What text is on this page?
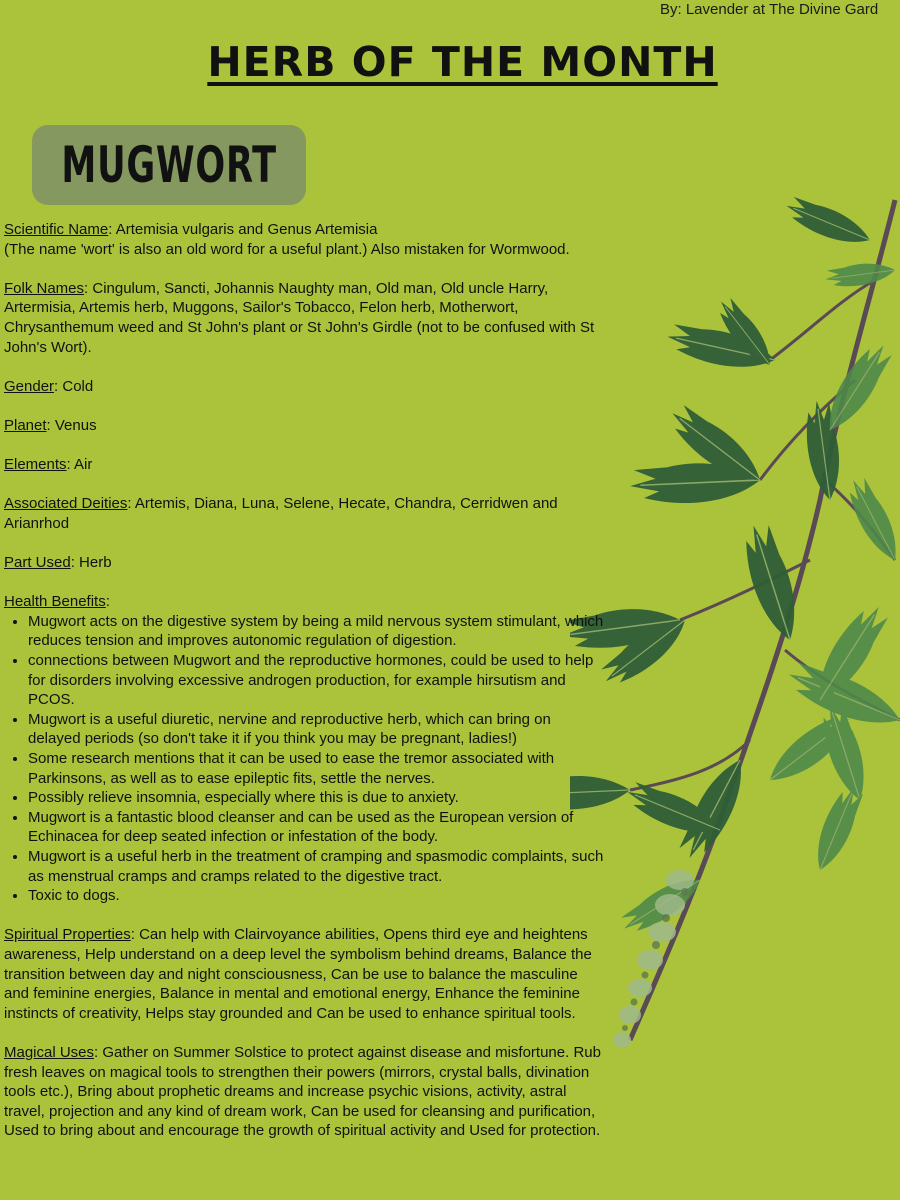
By: Lavender at The Divine Gard
HERB OF THE MONTH
MUGWORT
Scientific Name: Artemisia vulgaris and Genus Artemisia
(The name 'wort' is also an old word for a useful plant.) Also mistaken for Wormwood.
Folk Names: Cingulum, Sancti, Johannis Naughty man, Old man, Old uncle Harry, Artermisia, Artemis herb, Muggons, Sailor's Tobacco, Felon herb, Motherwort, Chrysanthemum weed and St John's plant or St John's Girdle (not to be confused with St John's Wort).
Gender: Cold
Planet: Venus
Elements: Air
Associated Deities: Artemis, Diana, Luna, Selene, Hecate, Chandra, Cerridwen and Arianrhod
Part Used: Herb
Health Benefits:
• Mugwort acts on the digestive system by being a mild nervous system stimulant, which reduces tension and improves autonomic regulation of digestion.
• connections between Mugwort and the reproductive hormones, could be used to help for disorders involving excessive androgen production, for example hirsutism and PCOS.
• Mugwort is a useful diuretic, nervine and reproductive herb, which can bring on delayed periods (so don't take it if you think you may be pregnant, ladies!)
• Some research mentions that it can be used to ease the tremor associated with Parkinsons, as well as to ease epileptic fits, settle the nerves.
• Possibly relieve insomnia, especially where this is due to anxiety.
• Mugwort is a fantastic blood cleanser and can be used as the European version of Echinacea for deep seated infection or infestation of the body.
• Mugwort is a useful herb in the treatment of cramping and spasmodic complaints, such as menstrual cramps and cramps related to the digestive tract.
• Toxic to dogs.
Spiritual Properties: Can help with Clairvoyance abilities, Opens third eye and heightens awareness, Help understand on a deep level the symbolism behind dreams, Balance the transition between day and night consciousness, Can be use to balance the masculine and feminine energies, Balance in mental and emotional energy, Enhance the feminine instincts of creativity, Helps stay grounded and Can be used to enhance spiritual tools.
Magical Uses: Gather on Summer Solstice to protect against disease and misfortune. Rub fresh leaves on magical tools to strengthen their powers (mirrors, crystal balls, divination tools etc.), Bring about prophetic dreams and increase psychic visions, activity, astral travel, projection and any kind of dream work, Can be used for cleansing and purification, Used to bring about and encourage the growth of spiritual activity and Used for protection.
